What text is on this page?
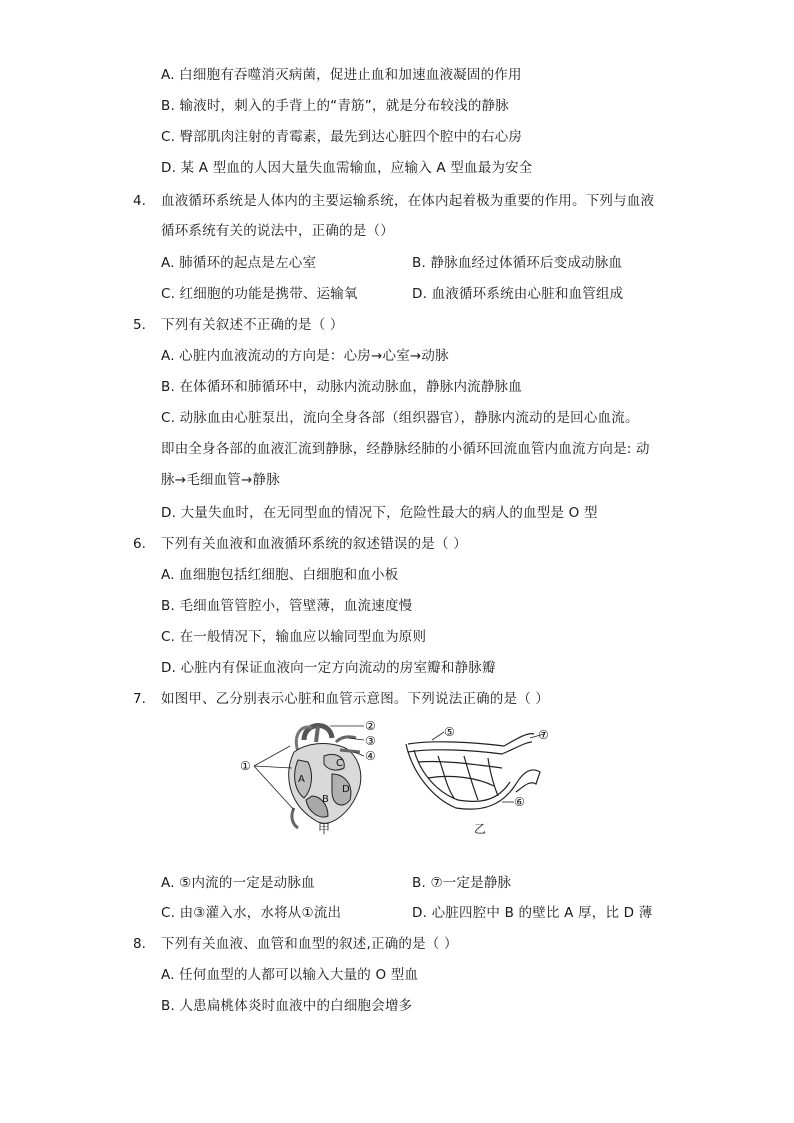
A. 白细胞有吞噬消灭病菌，促进止血和加速血液凝固的作用
B. 输液时，刺入的手背上的“青筋”，就是分布较浅的静脉
C. 臀部肌肉注射的青霉素，最先到达心脏四个腔中的右心房
D. 某 A 型血的人因大量失血需输血，应输入 A 型血最为安全
4. 血液循环系统是人体内的主要运输系统，在体内起着极为重要的作用。下列与血液
循环系统有关的说法中，正确的是（）
A. 肺循环的起点是左心室	B. 静脉血经过体循环后变成动脉血
C. 红细胞的功能是携带、运输氧	D. 血液循环系统由心脏和血管组成
5. 下列有关叙述不正确的是（ ）
A. 心脏内血液流动的方向是：心房→心室→动脉
B. 在体循环和肺循环中，动脉内流动脉血，静脉内流静脉血
C. 动脉血由心脏泵出，流向全身各部（组织器官），静脉内流动的是回心血流。
即由全身各部的血液汇流到静脉，经静脉经肺的小循环回流血管内血流方向是: 动
脉→毛细血管→静脉
D. 大量失血时，在无同型血的情况下，危险性最大的病人的血型是 O 型
6. 下列有关血液和血液循环系统的叙述错误的是（ ）
A. 血细胞包括红细胞、白细胞和血小板
B. 毛细血管管腔小，管壁薄，血流速度慢
C. 在一般情况下，输血应以输同型血为原则
D. 心脏内有保证血液向一定方向流动的房室瓣和静脉瓣
7. 如图甲、乙分别表示心脏和血管示意图。下列说法正确的是（ ）
A
B
C
D
①
②
③
④
⑤	⑦
⑥
甲	乙
A. ⑤内流的一定是动脉血	B. ⑦一定是静脉
C. 由③灌入水，水将从①流出	D. 心脏四腔中 B 的壁比 A 厚，比 D 薄
8. 下列有关血液、血管和血型的叙述,正确的是（ ）
A. 任何血型的人都可以输入大量的 O 型血
B. 人患扁桃体炎时血液中的白细胞会增多
